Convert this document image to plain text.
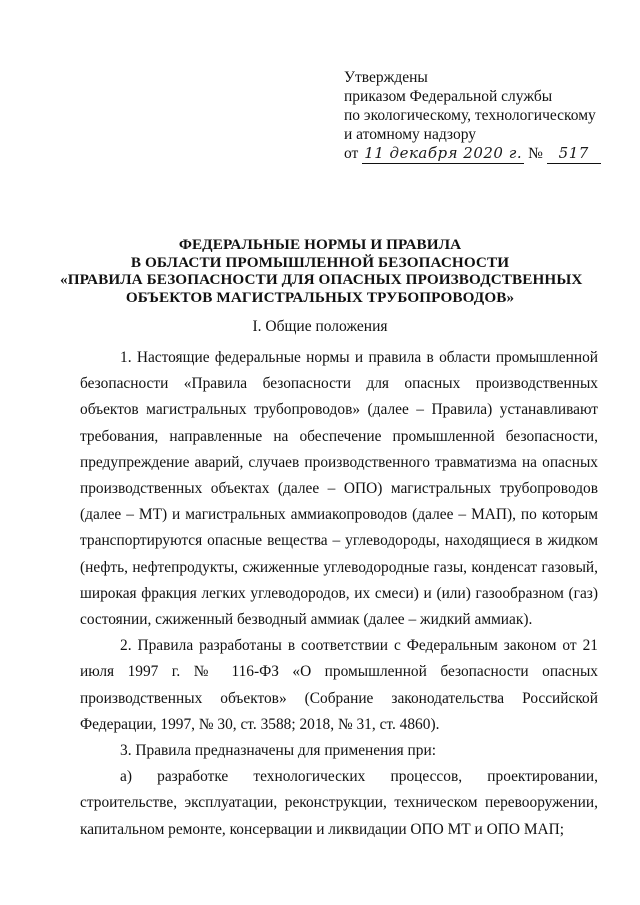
Утверждены
приказом Федеральной службы
по экологическому, технологическому
и атомному надзору
от 11 декабря 2020 г. № 517
ФЕДЕРАЛЬНЫЕ НОРМЫ И ПРАВИЛА
В ОБЛАСТИ ПРОМЫШЛЕННОЙ БЕЗОПАСНОСТИ
«ПРАВИЛА БЕЗОПАСНОСТИ ДЛЯ ОПАСНЫХ ПРОИЗВОДСТВЕННЫХ
ОБЪЕКТОВ МАГИСТРАЛЬНЫХ ТРУБОПРОВОДОВ»
I. Общие положения

1. Настоящие федеральные нормы и правила в области промышленной безопасности «Правила безопасности для опасных производственных объектов магистральных трубопроводов» (далее – Правила) устанавливают требования, направленные на обеспечение промышленной безопасности, предупреждение аварий, случаев производственного травматизма на опасных производственных объектах (далее – ОПО) магистральных трубопроводов (далее – МТ) и магистральных аммиакопроводов (далее – МАП), по которым транспортируются опасные вещества – углеводороды, находящиеся в жидком (нефть, нефтепродукты, сжиженные углеводородные газы, конденсат газовый, широкая фракция легких углеводородов, их смеси) и (или) газообразном (газ) состоянии, сжиженный безводный аммиак (далее – жидкий аммиак).

2. Правила разработаны в соответствии с Федеральным законом от 21 июля 1997 г. № 116-ФЗ «О промышленной безопасности опасных производственных объектов» (Собрание законодательства Российской Федерации, 1997, № 30, ст. 3588; 2018, № 31, ст. 4860).

3. Правила предназначены для применения при:

а) разработке технологических процессов, проектировании, строительстве, эксплуатации, реконструкции, техническом перевооружении, капитальном ремонте, консервации и ликвидации ОПО МТ и ОПО МАП;
